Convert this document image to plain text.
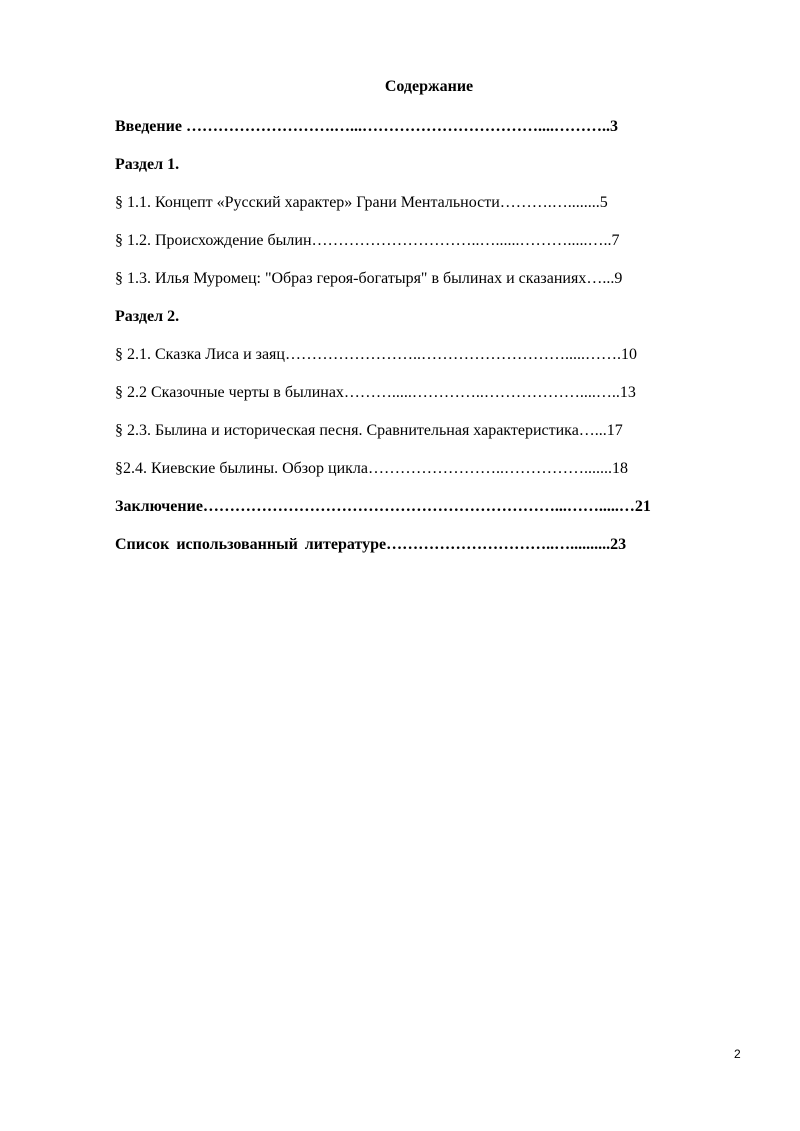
Содержание
Введение ……………………….…...……………………………....………..3
Раздел 1.
§ 1.1. Концепт «Русский характер» Грани Ментальности……….…........5
§ 1.2. Происхождение былин…………………………..…......……….....…..7
§ 1.3. Илья Муромец: "Образ героя-богатыря" в былинах и сказаниях…...9
Раздел 2.
§ 2.1. Сказка Лиса и заяц……………………..……………………….....…….10
§ 2.2 Сказочные черты в былинах……….....…………..………………....…..13
§ 2.3. Былина и историческая песня. Сравнительная характеристика…...17
§2.4. Киевские былины. Обзор цикла……………………..…………….......18
Заключение…………………………………………………………...…….....…21
Список использованный литературе…………………………..…..........23
2
